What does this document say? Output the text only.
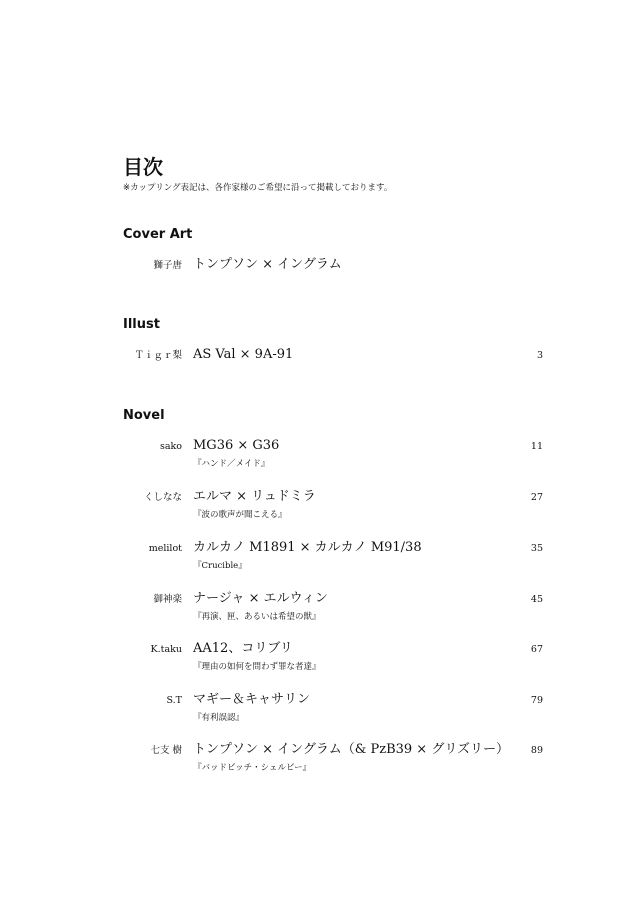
目次
※カップリング表記は、各作家様のご希望に沿って掲載しております。
Cover Art
獅子唐 トンプソン × イングラム
Illust
Ｔｉｇｒ梨 AS Val × 9A-91	3
Novel
sako MG36 × G36
『ハンド／メイド』
11
くしなな エルマ × リュドミラ
『波の歌声が聞こえる』
27
melilot カルカノ M1891 × カルカノ M91/38
『Crucible』
35
御神楽 ナージャ × エルウィン
『再演、匣、あるいは希望の獣』
45
K.taku AA12、コリブリ
『理由の如何を問わず罪な者達』
67
S.T マギー＆キャサリン
『有利誤認』
79
七支 樹 トンプソン × イングラム（& PzB39 × グリズリー）
『バッドビッチ・シェルビー』
89
